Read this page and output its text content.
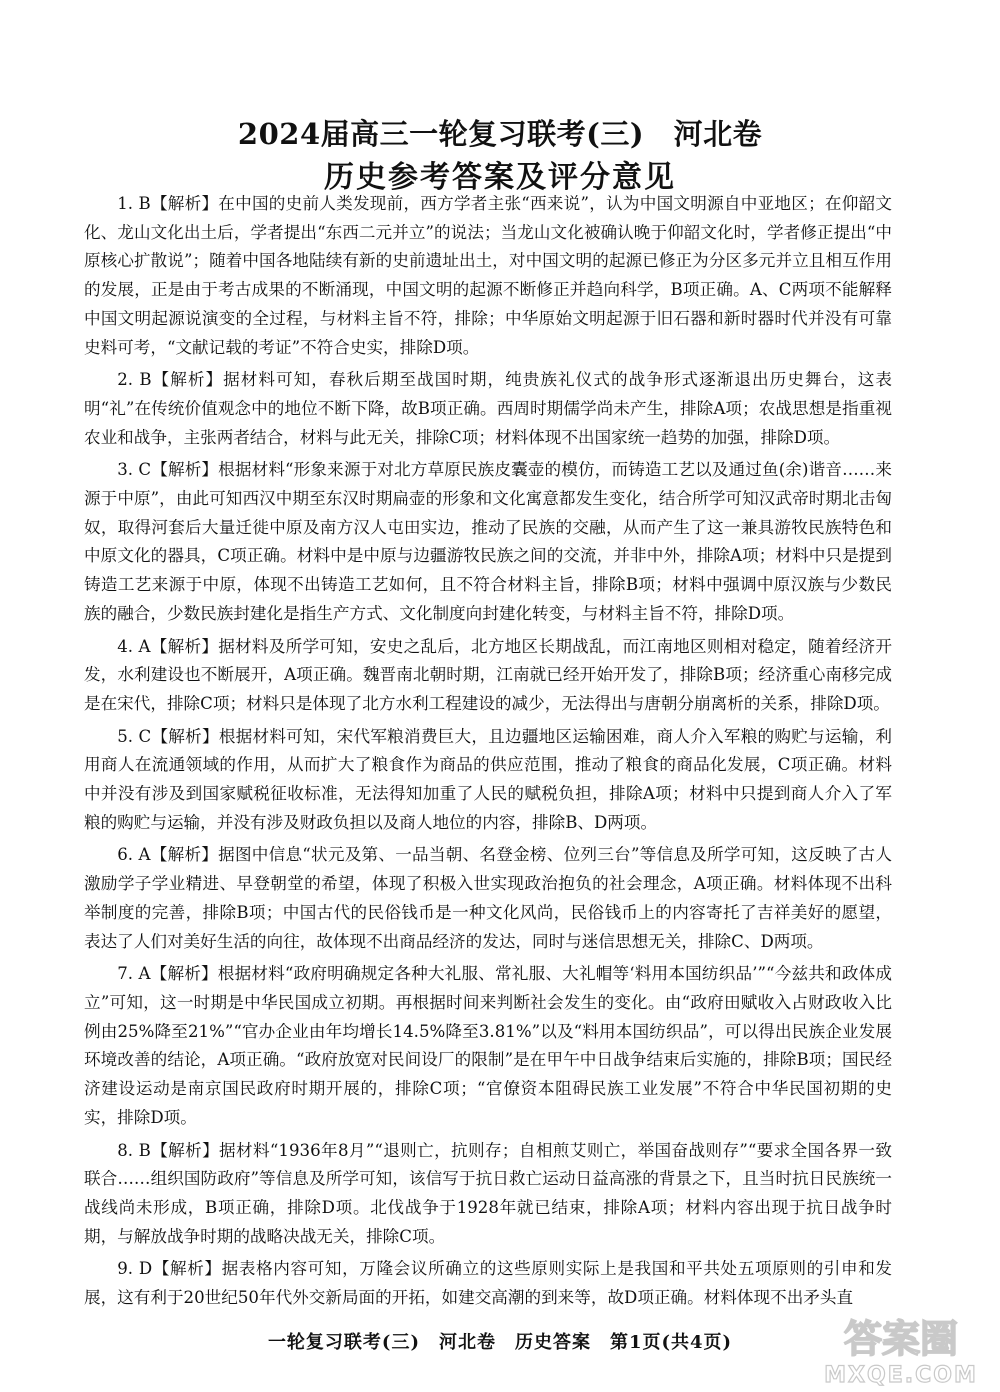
2024届高三一轮复习联考(三)　河北卷
历史参考答案及评分意见

1. B【解析】在中国的史前人类发现前，西方学者主张“西来说”，认为中国文明源自中亚地区；在仰韶文化、龙山文化出土后，学者提出“东西二元并立”的说法；当龙山文化被确认晚于仰韶文化时，学者修正提出“中原核心扩散说”；随着中国各地陆续有新的史前遗址出土，对中国文明的起源已修正为分区多元并立且相互作用的发展，正是由于考古成果的不断涌现，中国文明的起源不断修正并趋向科学，B项正确。A、C两项不能解释中国文明起源说演变的全过程，与材料主旨不符，排除；中华原始文明起源于旧石器和新时器时代并没有可靠史料可考，“文献记载的考证”不符合史实，排除D项。

2. B【解析】据材料可知，春秋后期至战国时期，纯贵族礼仪式的战争形式逐渐退出历史舞台，这表明“礼”在传统价值观念中的地位不断下降，故B项正确。西周时期儒学尚未产生，排除A项；农战思想是指重视农业和战争，主张两者结合，材料与此无关，排除C项；材料体现不出国家统一趋势的加强，排除D项。

3. C【解析】根据材料“形象来源于对北方草原民族皮囊壶的模仿，而铸造工艺以及通过鱼(余)谐音……来源于中原”，由此可知西汉中期至东汉时期扁壶的形象和文化寓意都发生变化，结合所学可知汉武帝时期北击匈奴，取得河套后大量迁徙中原及南方汉人屯田实边，推动了民族的交融，从而产生了这一兼具游牧民族特色和中原文化的器具，C项正确。材料中是中原与边疆游牧民族之间的交流，并非中外，排除A项；材料中只是提到铸造工艺来源于中原，体现不出铸造工艺如何，且不符合材料主旨，排除B项；材料中强调中原汉族与少数民族的融合，少数民族封建化是指生产方式、文化制度向封建化转变，与材料主旨不符，排除D项。

4. A【解析】据材料及所学可知，安史之乱后，北方地区长期战乱，而江南地区则相对稳定，随着经济开发，水利建设也不断展开，A项正确。魏晋南北朝时期，江南就已经开始开发了，排除B项；经济重心南移完成是在宋代，排除C项；材料只是体现了北方水利工程建设的减少，无法得出与唐朝分崩离析的关系，排除D项。

5. C【解析】根据材料可知，宋代军粮消费巨大，且边疆地区运输困难，商人介入军粮的购贮与运输，利用商人在流通领域的作用，从而扩大了粮食作为商品的供应范围，推动了粮食的商品化发展，C项正确。材料中并没有涉及到国家赋税征收标准，无法得知加重了人民的赋税负担，排除A项；材料中只提到商人介入了军粮的购贮与运输，并没有涉及财政负担以及商人地位的内容，排除B、D两项。

6. A【解析】据图中信息“状元及第、一品当朝、名登金榜、位列三台”等信息及所学可知，这反映了古人激励学子学业精进、早登朝堂的希望，体现了积极入世实现政治抱负的社会理念，A项正确。材料体现不出科举制度的完善，排除B项；中国古代的民俗钱币是一种文化风尚，民俗钱币上的内容寄托了吉祥美好的愿望，表达了人们对美好生活的向往，故体现不出商品经济的发达，同时与迷信思想无关，排除C、D两项。

7. A【解析】根据材料“政府明确规定各种大礼服、常礼服、大礼帽等‘料用本国纺织品’”“今兹共和政体成立”可知，这一时期是中华民国成立初期。再根据时间来判断社会发生的变化。由“政府田赋收入占财政收入比例由25%降至21%”“官办企业由年均增长14.5%降至3.81%”以及“料用本国纺织品”，可以得出民族企业发展环境改善的结论，A项正确。“政府放宽对民间设厂的限制”是在甲午中日战争结束后实施的，排除B项；国民经济建设运动是南京国民政府时期开展的，排除C项；“官僚资本阻碍民族工业发展”不符合中华民国初期的史实，排除D项。

8. B【解析】据材料“1936年8月”“退则亡，抗则存；自相煎艾则亡，举国奋战则存”“要求全国各界一致联合……组织国防政府”等信息及所学可知，该信写于抗日救亡运动日益高涨的背景之下，且当时抗日民族统一战线尚未形成，B项正确，排除D项。北伐战争于1928年就已结束，排除A项；材料内容出现于抗日战争时期，与解放战争时期的战略决战无关，排除C项。

9. D【解析】据表格内容可知，万隆会议所确立的这些原则实际上是我国和平共处五项原则的引申和发展，这有利于20世纪50年代外交新局面的开拓，如建交高潮的到来等，故D项正确。材料体现不出矛头直

一轮复习联考(三)　河北卷　历史答案　第1页(共4页)	答案圈
MXQE.COM
